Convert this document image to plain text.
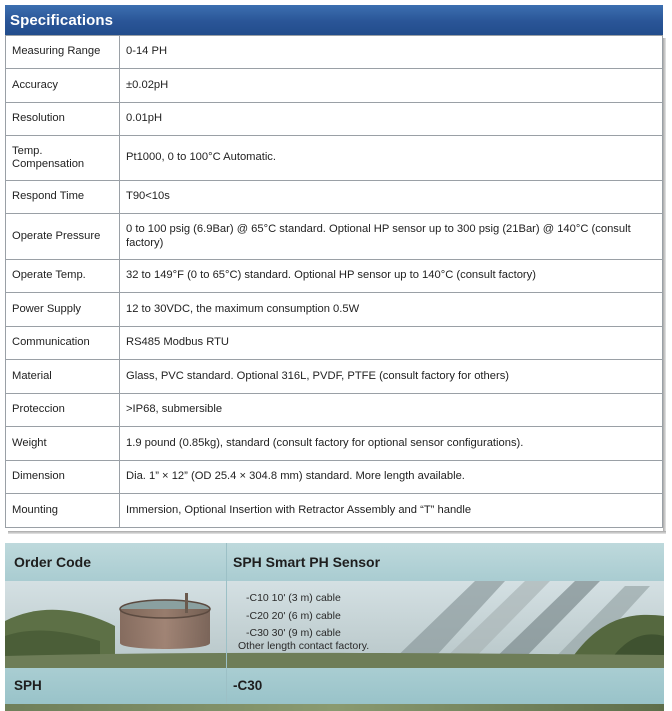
Specifications
Measuring Range	0-14 PH
Accuracy	±0.02pH
Resolution	0.01pH
Temp. Compensation	Pt1000, 0 to 100°C Automatic.
Respond Time	T90<10s
Operate Pressure	0 to 100 psig (6.9Bar) @ 65°C standard. Optional HP sensor up to 300 psig (21Bar) @ 140°C (consult factory)
Operate Temp.	32 to 149°F (0 to 65°C) standard. Optional HP sensor up to 140°C (consult factory)
Power Supply	12 to 30VDC, the maximum consumption 0.5W
Communication	RS485 Modbus RTU
Material	Glass, PVC standard. Optional 316L, PVDF, PTFE (consult factory for others)
Proteccion	>IP68, submersible
Weight	1.9 pound (0.85kg), standard (consult factory for optional sensor configurations).
Dimension	Dia. 1” × 12” (OD 25.4 × 304.8 mm) standard. More length available.
Mounting	Immersion, Optional Insertion with Retractor Assembly and “T” handle
Order Code	SPH Smart PH Sensor
-C10 10' (3 m) cable
-C20 20' (6 m) cable
-C30 30' (9 m) cable
Other length contact factory.
SPH	-C30
